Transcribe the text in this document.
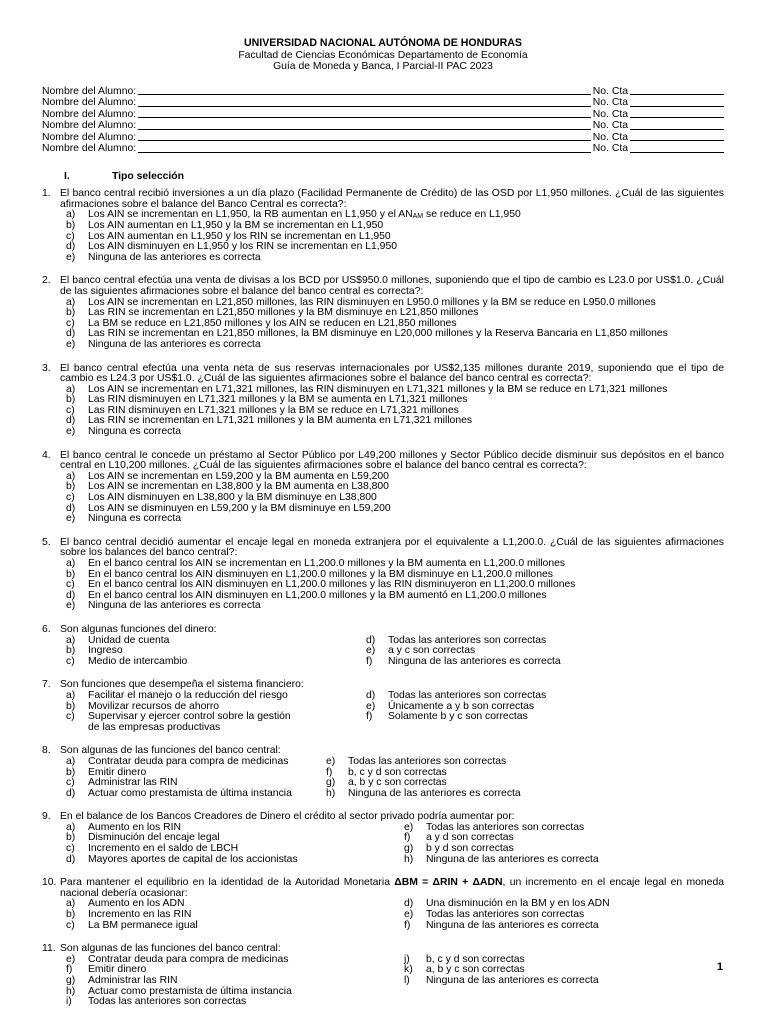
UNIVERSIDAD NACIONAL AUTÓNOMA DE HONDURAS
Facultad de Ciencias Económicas Departamento de Economía
Guía de Moneda y Banca, I Parcial-II PAC 2023
Nombre del Alumno:	No. Cta
Nombre del Alumno:	No. Cta
Nombre del Alumno:	No. Cta
Nombre del Alumno:	No. Cta
Nombre del Alumno:	No. Cta
Nombre del Alumno:	No. Cta
I.	Tipo selección
1. El banco central recibió inversiones a un día plazo (Facilidad Permanente de Crédito) de las OSD por L1,950 millones. ¿Cuál de las siguientes afirmaciones sobre el balance del Banco Central es correcta?:
a)	Los AIN se incrementan en L1,950, la RB aumentan en L1,950 y el $AN_{AM}$ se reduce en L1,950
b)	Los AIN aumentan en L1,950 y la BM se incrementan en L1,950
c)	Los AIN aumentan en L1,950 y los RIN se incrementan en L1,950
d)	Los AIN disminuyen en L1,950 y los RIN se incrementan en L1,950
e)	Ninguna de las anteriores es correcta
2. El banco central efectúa una venta de divisas a los BCD por US$950.0 millones, suponiendo que el tipo de cambio es L23.0 por US$1.0. ¿Cuál de las siguientes afirmaciones sobre el balance del banco central es correcta?:
a)	Los AIN se incrementan en L21,850 millones, las RIN disminuyen en L950.0 millones y la BM se reduce en L950.0 millones
b)	Las RIN se incrementan en L21,850 millones y la BM disminuye en L21,850 millones
c)	La BM se reduce en L21,850 millones y los AIN se reducen en L21,850 millones
d)	Las RIN se incrementan en L21,850 millones, la BM disminuye en L20,000 millones y la Reserva Bancaria en L1,850 millones
e)	Ninguna de las anteriores es correcta
3. El banco central efectúa una venta neta de sus reservas internacionales por US$2,135 millones durante 2019, suponiendo que el tipo de cambio es L24.3 por US$1.0. ¿Cuál de las siguientes afirmaciones sobre el balance del banco central es correcta?:
a)	Los AIN se incrementan en L71,321 millones, las RIN disminuyen en L71,321 millones y la BM se reduce en L71,321 millones
b)	Las RIN disminuyen en L71,321 millones y la BM se aumenta en L71,321 millones
c)	Las RIN disminuyen en L71,321 millones y la BM se reduce en L71,321 millones
d)	Las RIN se incrementan en L71,321 millones y la BM aumenta en L71,321 millones
e)	Ninguna es correcta
4. El banco central le concede un préstamo al Sector Público por L49,200 millones y Sector Público decide disminuir sus depósitos en el banco central en L10,200 millones. ¿Cuál de las siguientes afirmaciones sobre el balance del banco central es correcta?:
a)	Los AIN se incrementan en L59,200 y la BM aumenta en L59,200
b)	Los AIN se incrementan en L38,800 y la BM aumenta en L38,800
c)	Los AIN disminuyen en L38,800 y la BM disminuye en L38,800
d)	Los AIN se disminuyen en L59,200 y la BM disminuye en L59,200
e)	Ninguna es correcta
5. El banco central decidió aumentar el encaje legal en moneda extranjera por el equivalente a L1,200.0. ¿Cuál de las siguientes afirmaciones sobre los balances del banco central?:
a)	En el banco central los AIN se incrementan en L1,200.0 millones y la BM aumenta en L1,200.0 millones
b)	En el banco central los AIN disminuyen en L1,200.0 millones y la BM disminuye en L1,200.0 millones
c)	En el banco central los AIN disminuyen en L1,200.0 millones y las RIN disminuyeron en L1,200.0 millones
d)	En el banco central los AIN disminuyen en L1,200.0 millones y la BM aumentó en L1,200.0 millones
e)	Ninguna de las anteriores es correcta
6. Son algunas funciones del dinero:
a)	Unidad de cuenta
b)	Ingreso
c)	Medio de intercambio
d)	Todas las anteriores son correctas
e)	a y c son correctas
f)	Ninguna de las anteriores es correcta
7. Son funciones que desempeña el sistema financiero:
a)	Facilitar el manejo o la reducción del riesgo
b)	Movilizar recursos de ahorro
c)	Supervisar y ejercer control sobre la gestión de las empresas productivas
d)	Todas las anteriores son correctas
e)	Únicamente a y b son correctas
f)	Solamente b y c son correctas
8. Son algunas de las funciones del banco central:
a)	Contratar deuda para compra de medicinas
b)	Emitir dinero
c)	Administrar las RIN
d)	Actuar como prestamista de última instancia
e)	Todas las anteriores son correctas
f)	b, c y d son correctas
g)	a, b y c son correctas
h)	Ninguna de las anteriores es correcta
9. En el balance de los Bancos Creadores de Dinero el crédito al sector privado podría aumentar por:
a)	Aumento en los RIN
b)	Disminución del encaje legal
c)	Incremento en el saldo de LBCH
d)	Mayores aportes de capital de los accionistas
e)	Todas las anteriores son correctas
f)	a y d son correctas
g)	b y d son correctas
h)	Ninguna de las anteriores es correcta
10. Para mantener el equilibrio en la identidad de la Autoridad Monetaria ΔBM = ΔRIN + ΔADN, un incremento en el encaje legal en moneda nacional debería ocasionar:
a)	Aumento en los ADN
b)	Incremento en las RIN
c)	La BM permanece igual
d)	Una disminución en la BM y en los ADN
e)	Todas las anteriores son correctas
f)	Ninguna de las anteriores es correcta
11. Son algunas de las funciones del banco central:
e)	Contratar deuda para compra de medicinas
f)	Emitir dinero
g)	Administrar las RIN
h)	Actuar como prestamista de última instancia
i)	Todas las anteriores son correctas
j)	b, c y d son correctas
k)	a, b y c son correctas
l)	Ninguna de las anteriores es correcta
1
